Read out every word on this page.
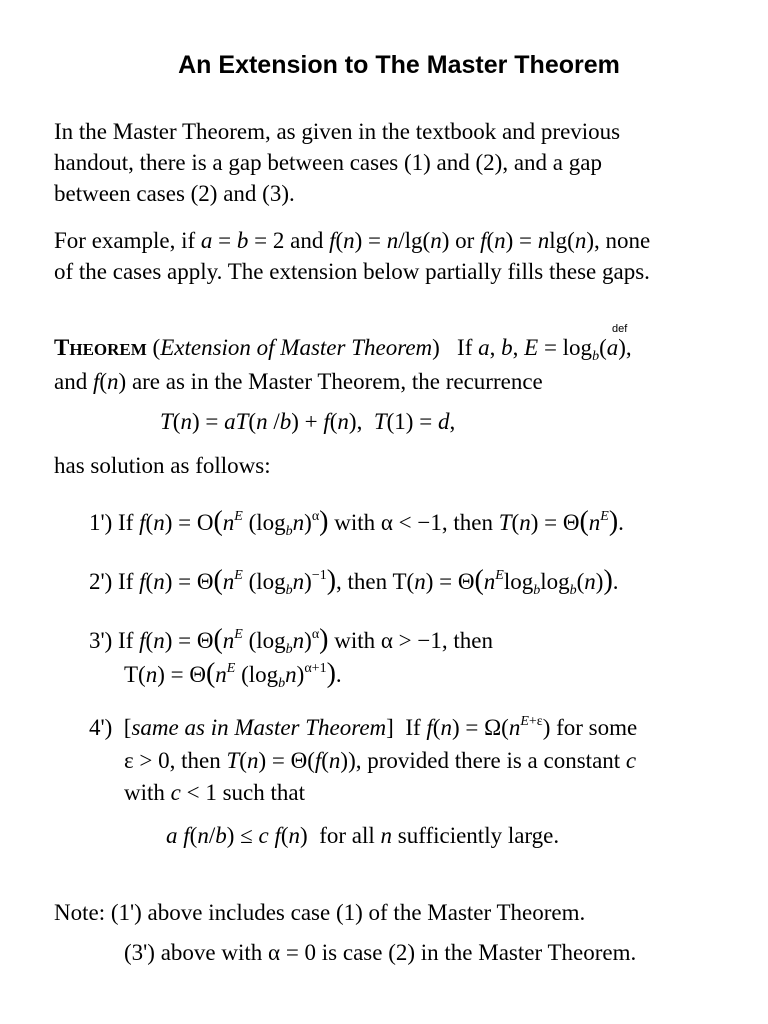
An Extension to The Master Theorem
In the Master Theorem, as given in the textbook and previous
handout, there is a gap between cases (1) and (2), and a gap
between cases (2) and (3).
For example, if a = b = 2 and f(n) = n/lg(n) or f(n) = nlg(n), none
of the cases apply. The extension below partially fills these gaps.
def
THEOREM (Extension of Master Theorem)   If a, b, $E = \log_b(a)$,
and f(n) are as in the Master Theorem, the recurrence
T(n) = aT(n /b) + f(n),  T(1) = d,
has solution as follows:
1') If $f(n) = O(n^E$ $(\log_bn)^\alpha$) with α < −1, then $T(n) = \Theta(n^E)$.
2') If $f(n) = \Theta(n^E$ $(\log_bn)^{-1}$), then $T(n) = \Theta(n^E\log_b\log_b(n))$.
3') If $f(n) = \Theta(n^E$ $(\log_bn)^\alpha$) with α > −1, then
$T(n) = \Theta(n^E$ $(\log_bn)^{\alpha+1}$).
4')  [same as in Master Theorem]  If $f(n) = \Omega(n^{E+\varepsilon})$ for some
ε > 0, then T(n) = Θ(f(n)), provided there is a constant c
with c < 1 such that
a f(n/b) ≤ c f(n)  for all n sufficiently large.
Note: (1') above includes case (1) of the Master Theorem.
(3') above with α = 0 is case (2) in the Master Theorem.
